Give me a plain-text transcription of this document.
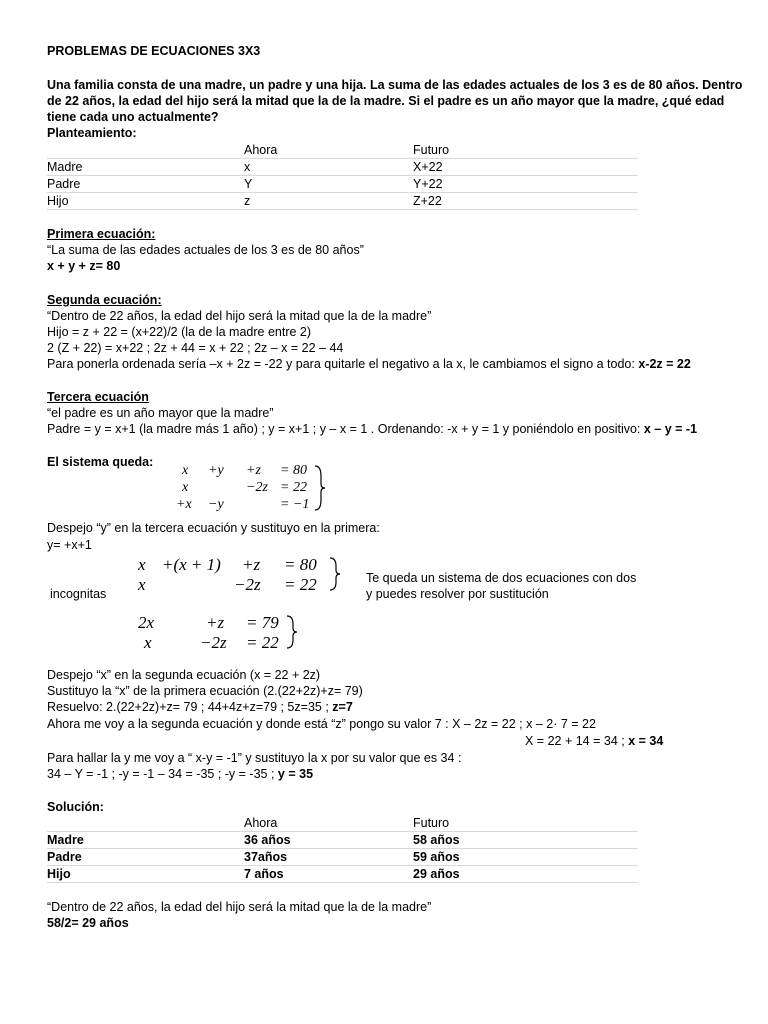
PROBLEMAS DE ECUACIONES 3X3
Una familia consta de una madre, un padre y una hija. La suma de las edades actuales de los 3 es de 80 años. Dentro
de 22 años, la edad del hijo será la mitad que la de la madre. Si el padre es un año mayor que la madre, ¿qué edad
tiene cada uno actualmente?
Planteamiento:
	Ahora	Futuro
Madre	x	X+22
Padre	Y	Y+22
Hijo	z	Z+22
Primera ecuación:
“La suma de las edades actuales de los 3 es de 80 años”
x + y + z= 80
Segunda ecuación:
“Dentro de 22 años, la edad del hijo será la mitad que la de la madre”
Hijo = z + 22 = (x+22)/2 (la de la madre entre 2)
2 (Z + 22) = x+22 ; 2z + 44 = x + 22 ; 2z – x = 22 – 44
Para ponerla ordenada sería –x + 2z = -22 y para quitarle el negativo a la x, le cambiamos el signo a todo: x-2z = 22
Tercera ecuación
“el padre es un año mayor que la madre”
Padre = y = x+1 (la madre más 1 año) ; y = x+1 ; y – x = 1 . Ordenando: -x + y = 1 y poniéndolo en positivo: x – y = -1
El sistema queda:
x +y +z = 80
x	−2z = 22
+x −y	= −1
Despejo “y” en la tercera ecuación y sustituyo en la primera:
y= +x+1
x +(x + 1) +z = 80
x	−2z = 22
incognitas
Te queda un sistema de dos ecuaciones con dos
y puedes resolver por sustitución
2x	+z = 79
x	−2z = 22
Despejo “x” en la segunda ecuación (x = 22 + 2z)
Sustituyo la “x” de la primera ecuación (2.(22+2z)+z= 79)
Resuelvo: 2.(22+2z)+z= 79 ; 44+4z+z=79 ; 5z=35 ; z=7
Ahora me voy a la segunda ecuación y donde está “z” pongo su valor 7 : X – 2z = 22 ; x – 2· 7 = 22
X = 22 + 14 = 34 ; x = 34
Para hallar la y me voy a “ x-y = -1” y sustituyo la x por su valor que es 34 :
34 – Y = -1 ; -y = -1 – 34 = -35 ; -y = -35 ; y = 35
Solución:
	Ahora	Futuro
Madre	36 años	58 años
Padre	37años	59 años
Hijo	7 años	29 años
“Dentro de 22 años, la edad del hijo será la mitad que la de la madre”
58/2= 29 años
